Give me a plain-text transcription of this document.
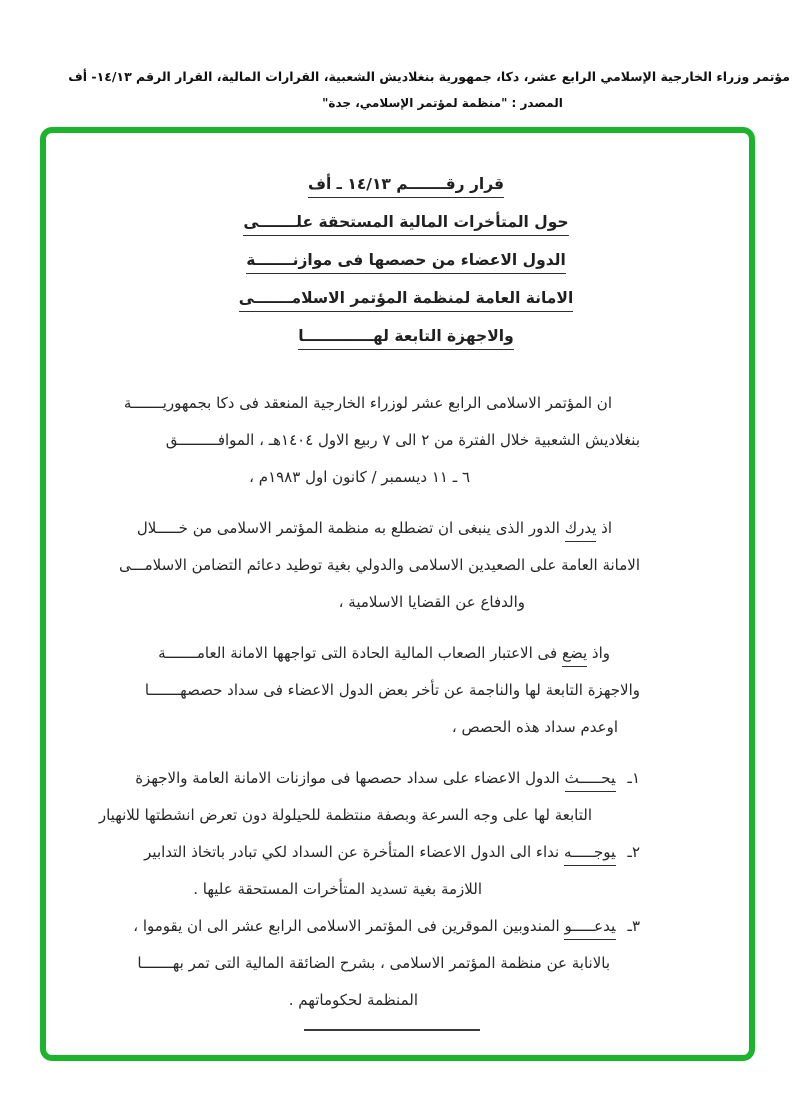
مؤتمر وزراء الخارجية الإسلامي الرابع عشر، دكا، جمهورية بنغلاديش الشعبية، القرارات المالية، القرار الرقم ١٤/١٣- أف
المصدر : "منظمة لمؤتمر الإسلامي، جدة"
قرار رقـــــــم ١٤/١٣ ـ أف
حول المتأخرات المالية المستحقة علـــــــى
الدول الاعضاء من حصصها فى موازنـــــــة
الامانة العامة لمنظمة المؤتمر الاسلامـــــــى
والاجهزة التابعة لهـــــــــــــا
ان المؤتمر الاسلامى الرابع عشر لوزراء الخارجية المنعقد فى دكا بجمهوريـــــــة
بنغلاديش الشعبية خلال الفترة من ٢ الى ٧ ربيع الاول ١٤٠٤هـ ، الموافـــــــــق
٦ ـ ١١ ديسمبر / كانون اول ١٩٨٣م ،
اذ يدرك الدور الذى ينبغى ان تضطلع به منظمة المؤتمر الاسلامى من خـــــلال
الامانة العامة على الصعيدين الاسلامى والدولي بغية توطيد دعائم التضامن الاسلامـــى
والدفاع عن القضايا الاسلامية ،
واذ يضع فى الاعتبار الصعاب المالية الحادة التى تواجهها الامانة العامـــــــة
والاجهزة التابعة لها والناجمة عن تأخر بعض الدول الاعضاء فى سداد حصصهـــــــا
اوعدم سداد هذه الحصص ،
١ـيحـــــث الدول الاعضاء على سداد حصصها فى موازنات الامانة العامة والاجهزة
التابعة لها على وجه السرعة وبصفة منتظمة للحيلولة دون تعرض انشطتها للانهيار
٢ـيوجـــــه نداء الى الدول الاعضاء المتأخرة عن السداد لكي تبادر باتخاذ التدابير
اللازمة بغية تسديد المتأخرات المستحقة عليها .
٣ـيدعـــــو المندوبين الموقرين فى المؤتمر الاسلامى الرابع عشر الى ان يقوموا ،
بالانابة عن منظمة المؤتمر الاسلامى ، بشرح الضائقة المالية التى تمر بهـــــــا
المنظمة لحكوماتهم .
